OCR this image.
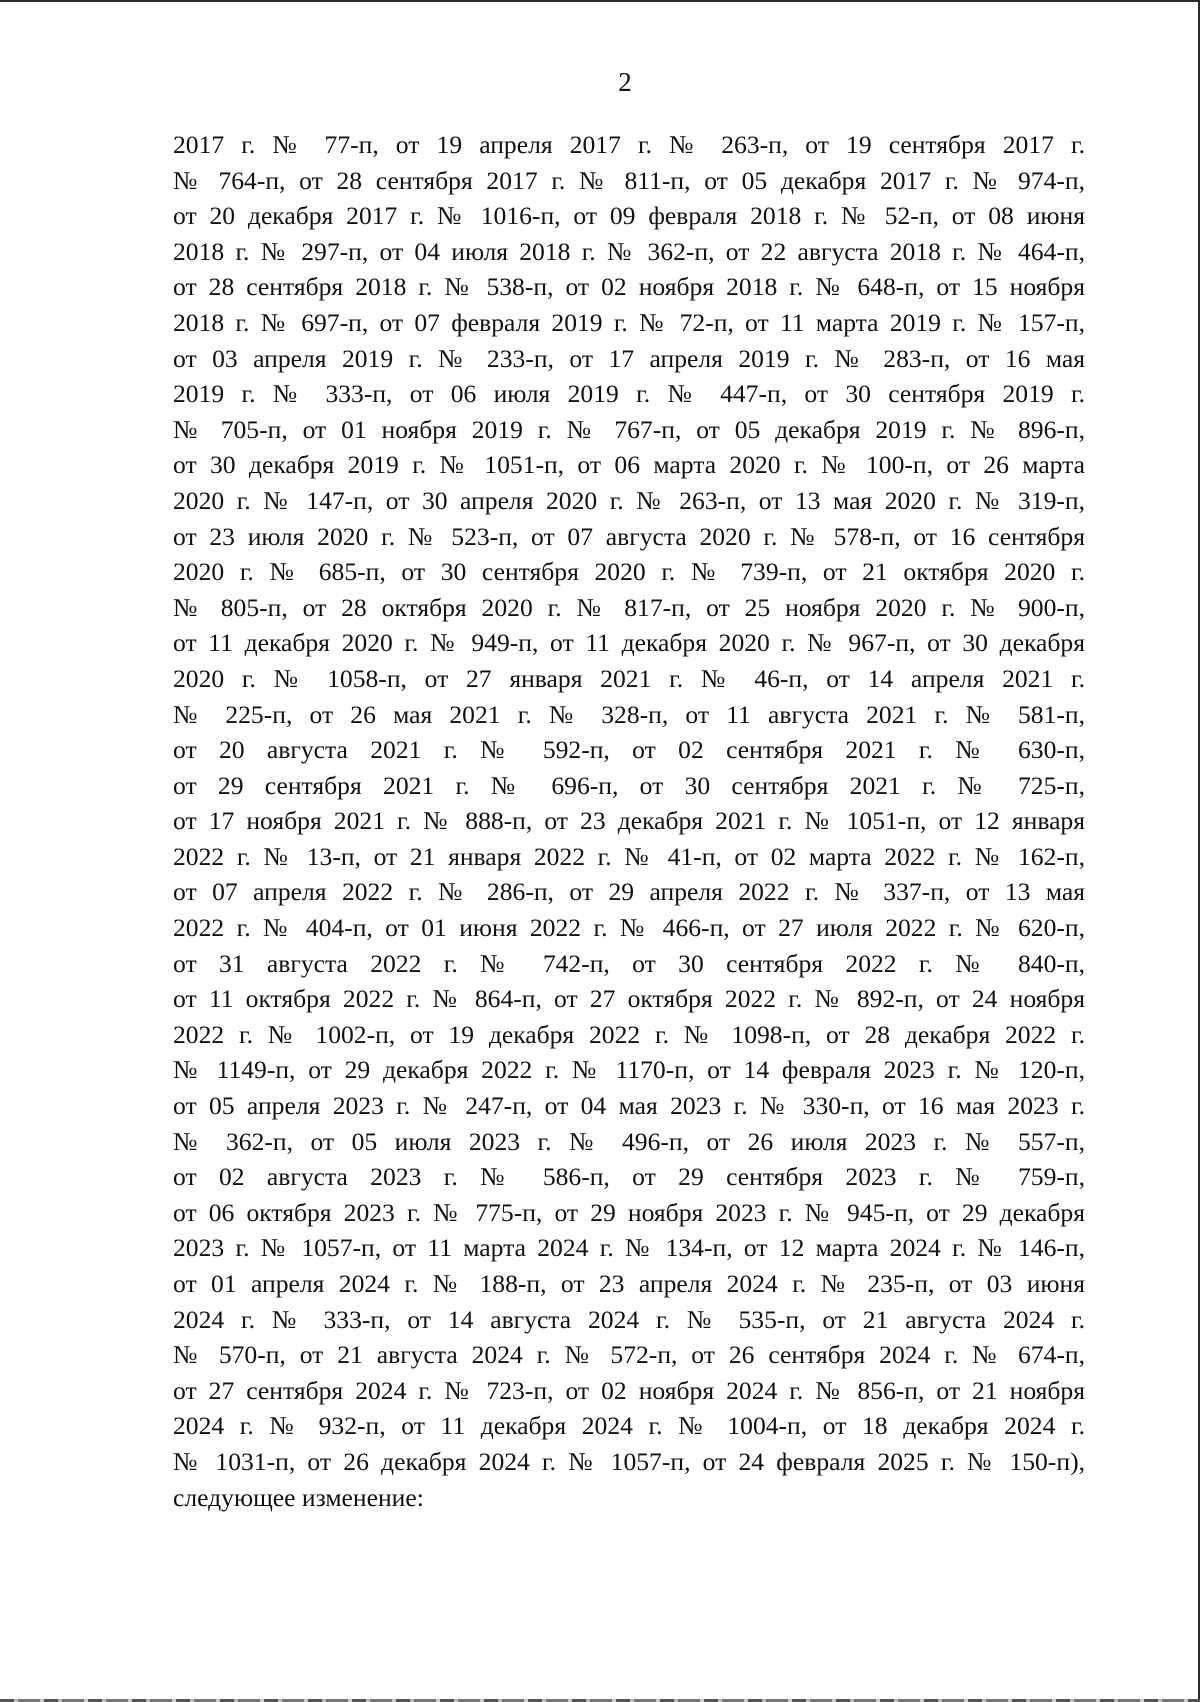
2
2017 г. № 77-п, от 19 апреля 2017 г. № 263-п, от 19 сентября 2017 г.
№ 764-п, от 28 сентября 2017 г. № 811-п, от 05 декабря 2017 г. № 974-п,
от 20 декабря 2017 г. № 1016-п, от 09 февраля 2018 г. № 52-п, от 08 июня
2018 г. № 297-п, от 04 июля 2018 г. № 362-п, от 22 августа 2018 г. № 464-п,
от 28 сентября 2018 г. № 538-п, от 02 ноября 2018 г. № 648-п, от 15 ноября
2018 г. № 697-п, от 07 февраля 2019 г. № 72-п, от 11 марта 2019 г. № 157-п,
от 03 апреля 2019 г. № 233-п, от 17 апреля 2019 г. № 283-п, от 16 мая
2019 г. № 333-п, от 06 июля 2019 г. № 447-п, от 30 сентября 2019 г.
№ 705-п, от 01 ноября 2019 г. № 767-п, от 05 декабря 2019 г. № 896-п,
от 30 декабря 2019 г. № 1051-п, от 06 марта 2020 г. № 100-п, от 26 марта
2020 г. № 147-п, от 30 апреля 2020 г. № 263-п, от 13 мая 2020 г. № 319-п,
от 23 июля 2020 г. № 523-п, от 07 августа 2020 г. № 578-п, от 16 сентября
2020 г. № 685-п, от 30 сентября 2020 г. № 739-п, от 21 октября 2020 г.
№ 805-п, от 28 октября 2020 г. № 817-п, от 25 ноября 2020 г. № 900-п,
от 11 декабря 2020 г. № 949-п, от 11 декабря 2020 г. № 967-п, от 30 декабря
2020 г. № 1058-п, от 27 января 2021 г. № 46-п, от 14 апреля 2021 г.
№ 225-п, от 26 мая 2021 г. № 328-п, от 11 августа 2021 г. № 581-п,
от 20 августа 2021 г. № 592-п, от 02 сентября 2021 г. № 630-п,
от 29 сентября 2021 г. № 696-п, от 30 сентября 2021 г. № 725-п,
от 17 ноября 2021 г. № 888-п, от 23 декабря 2021 г. № 1051-п, от 12 января
2022 г. № 13-п, от 21 января 2022 г. № 41-п, от 02 марта 2022 г. № 162-п,
от 07 апреля 2022 г. № 286-п, от 29 апреля 2022 г. № 337-п, от 13 мая
2022 г. № 404-п, от 01 июня 2022 г. № 466-п, от 27 июля 2022 г. № 620-п,
от 31 августа 2022 г. № 742-п, от 30 сентября 2022 г. № 840-п,
от 11 октября 2022 г. № 864-п, от 27 октября 2022 г. № 892-п, от 24 ноября
2022 г. № 1002-п, от 19 декабря 2022 г. № 1098-п, от 28 декабря 2022 г.
№ 1149-п, от 29 декабря 2022 г. № 1170-п, от 14 февраля 2023 г. № 120-п,
от 05 апреля 2023 г. № 247-п, от 04 мая 2023 г. № 330-п, от 16 мая 2023 г.
№ 362-п, от 05 июля 2023 г. № 496-п, от 26 июля 2023 г. № 557-п,
от 02 августа 2023 г. № 586-п, от 29 сентября 2023 г. № 759-п,
от 06 октября 2023 г. № 775-п, от 29 ноября 2023 г. № 945-п, от 29 декабря
2023 г. № 1057-п, от 11 марта 2024 г. № 134-п, от 12 марта 2024 г. № 146-п,
от 01 апреля 2024 г. № 188-п, от 23 апреля 2024 г. № 235-п, от 03 июня
2024 г. № 333-п, от 14 августа 2024 г. № 535-п, от 21 августа 2024 г.
№ 570-п, от 21 августа 2024 г. № 572-п, от 26 сентября 2024 г. № 674-п,
от 27 сентября 2024 г. № 723-п, от 02 ноября 2024 г. № 856-п, от 21 ноября
2024 г. № 932-п, от 11 декабря 2024 г. № 1004-п, от 18 декабря 2024 г.
№ 1031-п, от 26 декабря 2024 г. № 1057-п, от 24 февраля 2025 г. № 150-п),
следующее изменение:
